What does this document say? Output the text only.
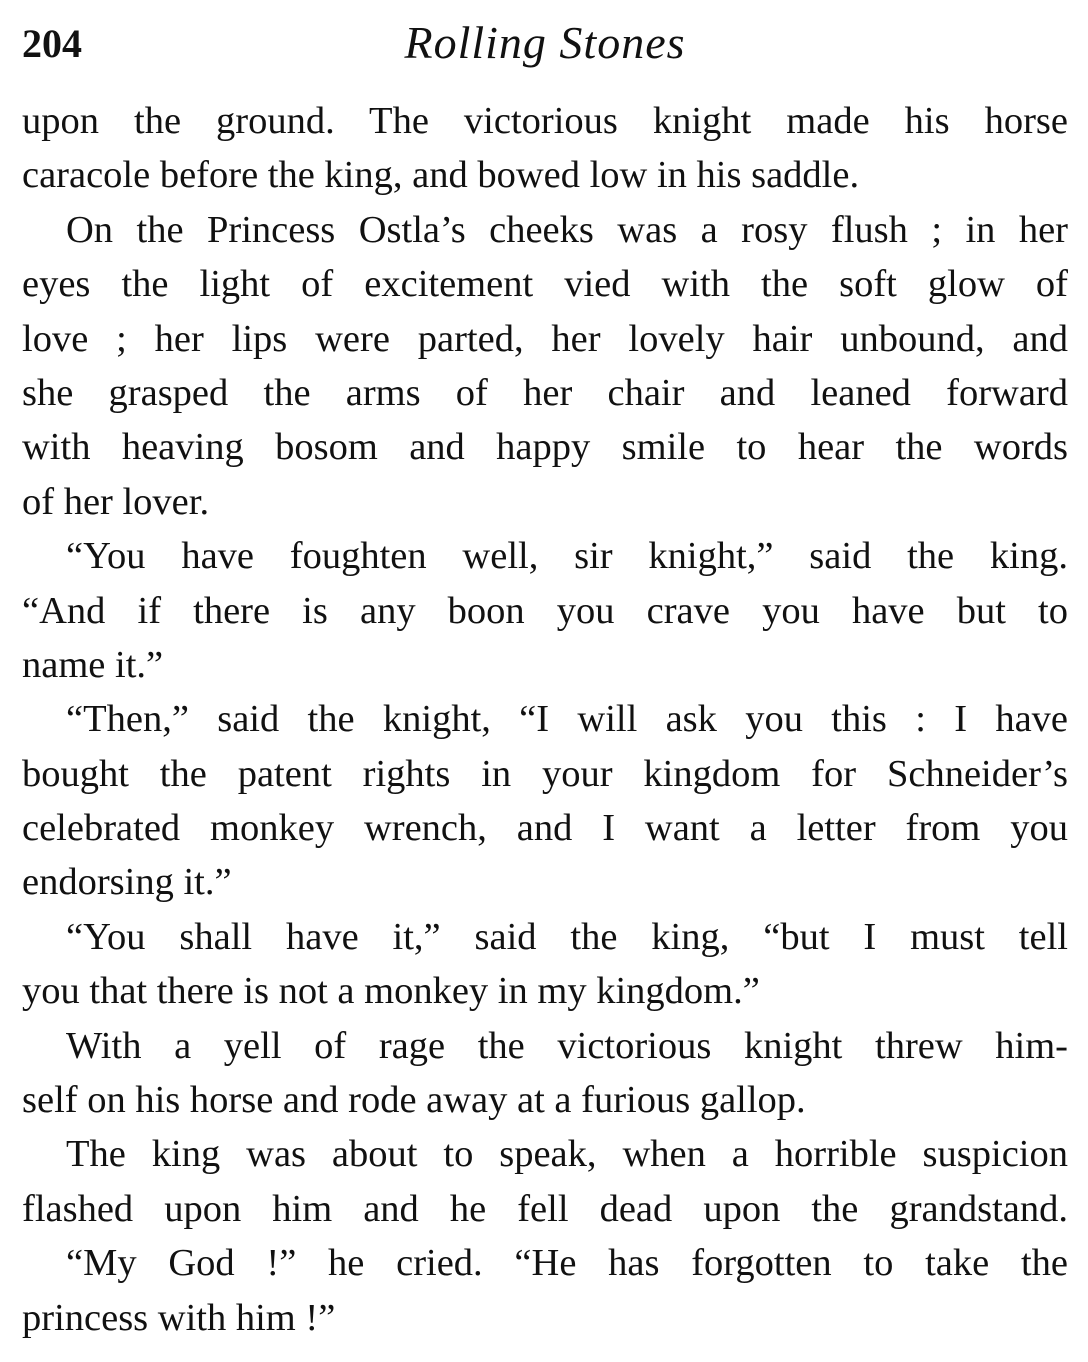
204	Rolling Stones
upon the ground. The victorious knight made his horse
caracole before the king, and bowed low in his saddle.
On the Princess Ostla’s cheeks was a rosy flush ; in her
eyes the light of excitement vied with the soft glow of
love ; her lips were parted, her lovely hair unbound, and
she grasped the arms of her chair and leaned forward
with heaving bosom and happy smile to hear the words
of her lover.
“You have foughten well, sir knight,” said the king.
“And if there is any boon you crave you have but to
name it.”
“Then,” said the knight, “I will ask you this : I have
bought the patent rights in your kingdom for Schneider’s
celebrated monkey wrench, and I want a letter from you
endorsing it.”
“You shall have it,” said the king, “but I must tell
you that there is not a monkey in my kingdom.”
With a yell of rage the victorious knight threw him-
self on his horse and rode away at a furious gallop.
The king was about to speak, when a horrible suspicion
flashed upon him and he fell dead upon the grandstand.
“My God !” he cried. “He has forgotten to take the
princess with him !”
